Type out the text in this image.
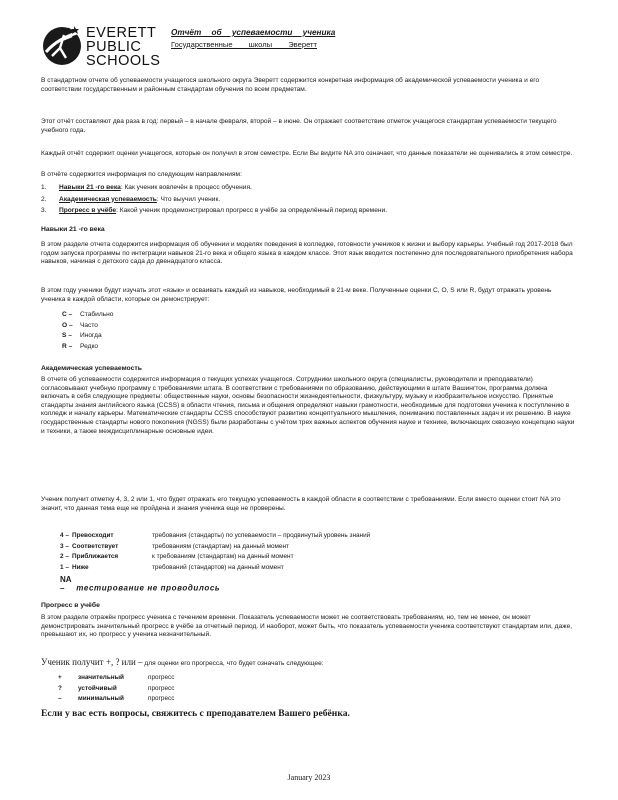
EVERETT
PUBLIC
SCHOOLS
Отчёт об успеваемости ученика
Государственные школы Эверетт

В стандартном отчете об успеваемости учащегося школьного округа Эверетт содержится конкретная информация об академической успеваемости ученика и его соответствии государственным и районным стандартам обучения по всем предметам.

Этот отчёт составляют два раза в год: первый – в начале февраля, второй – в июне. Он отражает соответствие отметок учащегося стандартам успеваемости текущего учебного года.

Каждый отчёт содержит оценки учащегося, которые он получил в этом семестре. Если Вы видите NA это означает, что данные показатели не оценивались в этом семестре.

В отчёте содержится информация по следующим направлениям:

1. Навыки 21 -го века: Как ученик вовлечён в процесс обучения.
2. Академическая успеваемость: Что выучил ученик.
3. Прогресс в учёбе: Какой ученик продемонстрировал прогресс в учёбе за определённый период времени.

Навыки 21 -го века

В этом разделе отчета содержится информация об обучении и моделях поведения в колледже, готовности учеников к жизни и выбору карьеры. Учебный год 2017-2018 был годом запуска программы по интеграции навыков 21-го века и общего языка в каждом классе. Этот язык вводится постепенно для последовательного приобретения набора навыков, начиная с детского сада до двенадцатого класса.

В этом году ученики будут изучать этот «язык» и осваивать каждый из навыков, необходимый в 21-м веке. Полученные оценки C, O, S или R, будут отражать уровень ученика в каждой области, которые он демонстрирует:

C – Стабильно
O – Часто
S – Иногда
R – Редко

Академическая успеваемость

В отчете об успеваемости содержится информация о текущих успехах учащегося. Сотрудники школьного округа (специалисты, руководители и преподаватели) согласовывают учебную программу с требованиями штата. В соответствии с требованиями по образованию, действующими в штате Вашингтон, программа должна включать в себя следующие предметы: общественные науки, основы безопасности жизнедеятельности, физкультуру, музыку и изобразительное искусство. Принятые стандарты знания английского языка (CCSS) в области чтения, письма и общения определяют навыки грамотности, необходимые для подготовки ученика к поступлению в колледж и началу карьеры. Математические стандарты CCSS способствуют развитию концептуального мышления, пониманию поставленных задач и их решению. В науке государственные стандарты нового поколения (NGSS) были разработаны с учётом трех важных аспектов обучения науке и технике, включающих сквозную концепцию науки и техники, а также междисциплинарные основные идеи.

Ученик получит отметку 4, 3, 2 или 1, что будет отражать его текущую успеваемость в каждой области в соответствии с требованиями. Если вместо оценки стоит NA это значит, что данная тема еще не пройдена и знания ученика еще не проверены.

4 – Превосходит	требования (стандарты) по успеваемости – продвинутый уровень знаний
3 – Соответствует	требованиям (стандартам) на данный момент
2 – Приближается	к требованиям (стандартам) на данный момент
1 – Ниже	требований (стандартов) на данный момент
NA – тестирование не проводилось

Прогресс в учёбе

В этом разделе отражён прогресс ученика с течением времени. Показатель успеваемости может не соответствовать требованиям, но, тем не менее, он может демонстрировать значительный прогресс в учёбе за отчетный период. И наоборот, может быть, что показатель успеваемости ученика соответствуют стандартам или, даже, превышают их, но прогресс у ученика незначительный.

Ученик получит +, ? или – для оценки его прогресса, что будет означать следующее:

+	значительный	прогресс
?	устойчивый	прогресс
–	минимальный	прогресс

Если у вас есть вопросы, свяжитесь с преподавателем Вашего ребёнка.

January 2023
